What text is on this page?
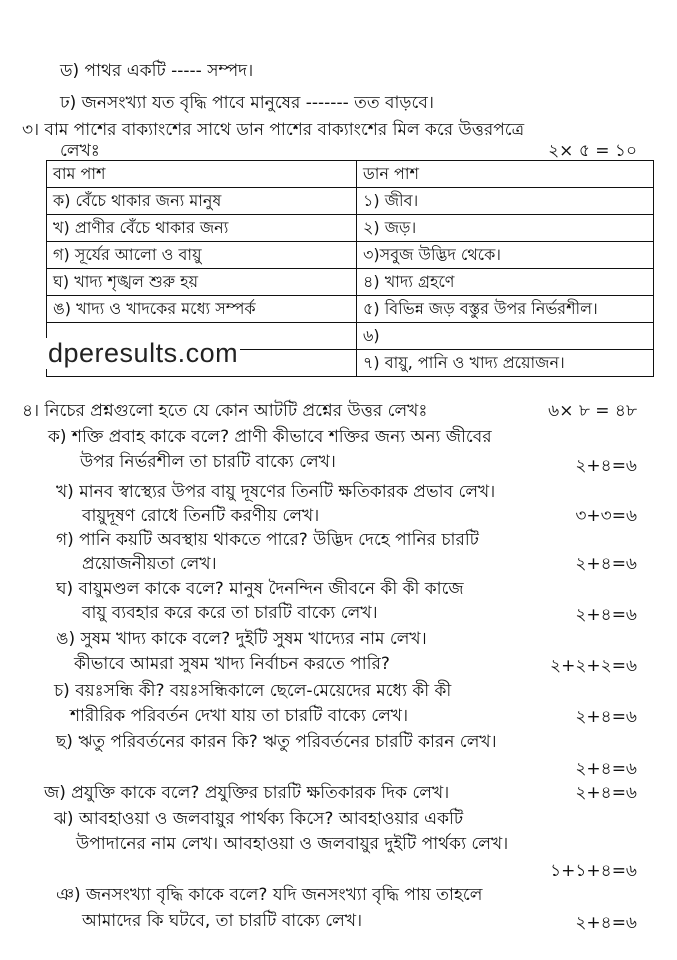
ড) পাথর একটি ----- সম্পদ।
ঢ) জনসংখ্যা যত বৃদ্ধি পাবে মানুষের ------- তত বাড়বে।
৩। বাম পাশের বাক্যাংশের সাথে ডান পাশের বাক্যাংশের মিল করে উত্তরপত্রে
লেখঃ	২× ৫ = ১০
বাম পাশ	ডান পাশ
ক) বেঁচে থাকার জন্য মানুষ	১) জীব।
খ) প্রাণীর বেঁচে থাকার জন্য	২) জড়।
গ) সূর্যের আলো ও বায়ু	৩)সবুজ উদ্ভিদ থেকে।
ঘ) খাদ্য শৃঙ্খল শুরু হয়	৪) খাদ্য গ্রহণে
ঙ) খাদ্য ও খাদকের মধ্যে সম্পর্ক	৫) বিভিন্ন জড় বস্তুর উপর নির্ভরশীল।
	৬)
	৭) বায়ু, পানি ও খাদ্য প্রয়োজন।
dperesults.com
৪। নিচের প্রশ্নগুলো হতে যে কোন আটটি প্রশ্নের উত্তর লেখঃ	৬× ৮ = ৪৮
ক) শক্তি প্রবাহ কাকে বলে? প্রাণী কীভাবে শক্তির জন্য অন্য জীবের
উপর নির্ভরশীল তা চারটি বাক্যে লেখ।	২+৪=৬
খ) মানব স্বাস্থ্যের উপর বায়ু দূষণের তিনটি ক্ষতিকারক প্রভাব লেখ।
বায়ুদূষণ রোধে তিনটি করণীয় লেখ।	৩+৩=৬
গ) পানি কয়টি অবস্থায় থাকতে পারে? উদ্ভিদ দেহে পানির চারটি
প্রয়োজনীয়তা লেখ।	২+৪=৬
ঘ) বায়ুমণ্ডল কাকে বলে? মানুষ দৈনন্দিন জীবনে কী কী কাজে
বায়ু ব্যবহার করে করে তা চারটি বাক্যে লেখ।	২+৪=৬
ঙ) সুষম খাদ্য কাকে বলে? দুইটি সুষম খাদ্যের নাম লেখ।
কীভাবে আমরা সুষম খাদ্য নির্বাচন করতে পারি?	২+২+২=৬
চ) বয়ঃসন্ধি কী? বয়ঃসন্ধিকালে ছেলে-মেয়েদের মধ্যে কী কী
শারীরিক পরিবর্তন দেখা যায় তা চারটি বাক্যে লেখ।	২+৪=৬
ছ) ঋতু পরিবর্তনের কারন কি? ঋতু পরিবর্তনের চারটি কারন লেখ।
২+৪=৬
জ) প্রযুক্তি কাকে বলে? প্রযুক্তির চারটি ক্ষতিকারক দিক লেখ।	২+৪=৬
ঝ) আবহাওয়া ও জলবায়ুর পার্থক্য কিসে? আবহাওয়ার একটি
উপাদানের নাম লেখ। আবহাওয়া ও জলবায়ুর দুইটি পার্থক্য লেখ।
১+১+৪=৬
ঞ) জনসংখ্যা বৃদ্ধি কাকে বলে? যদি জনসংখ্যা বৃদ্ধি পায় তাহলে
আমাদের কি ঘটবে, তা চারটি বাক্যে লেখ।	২+৪=৬
